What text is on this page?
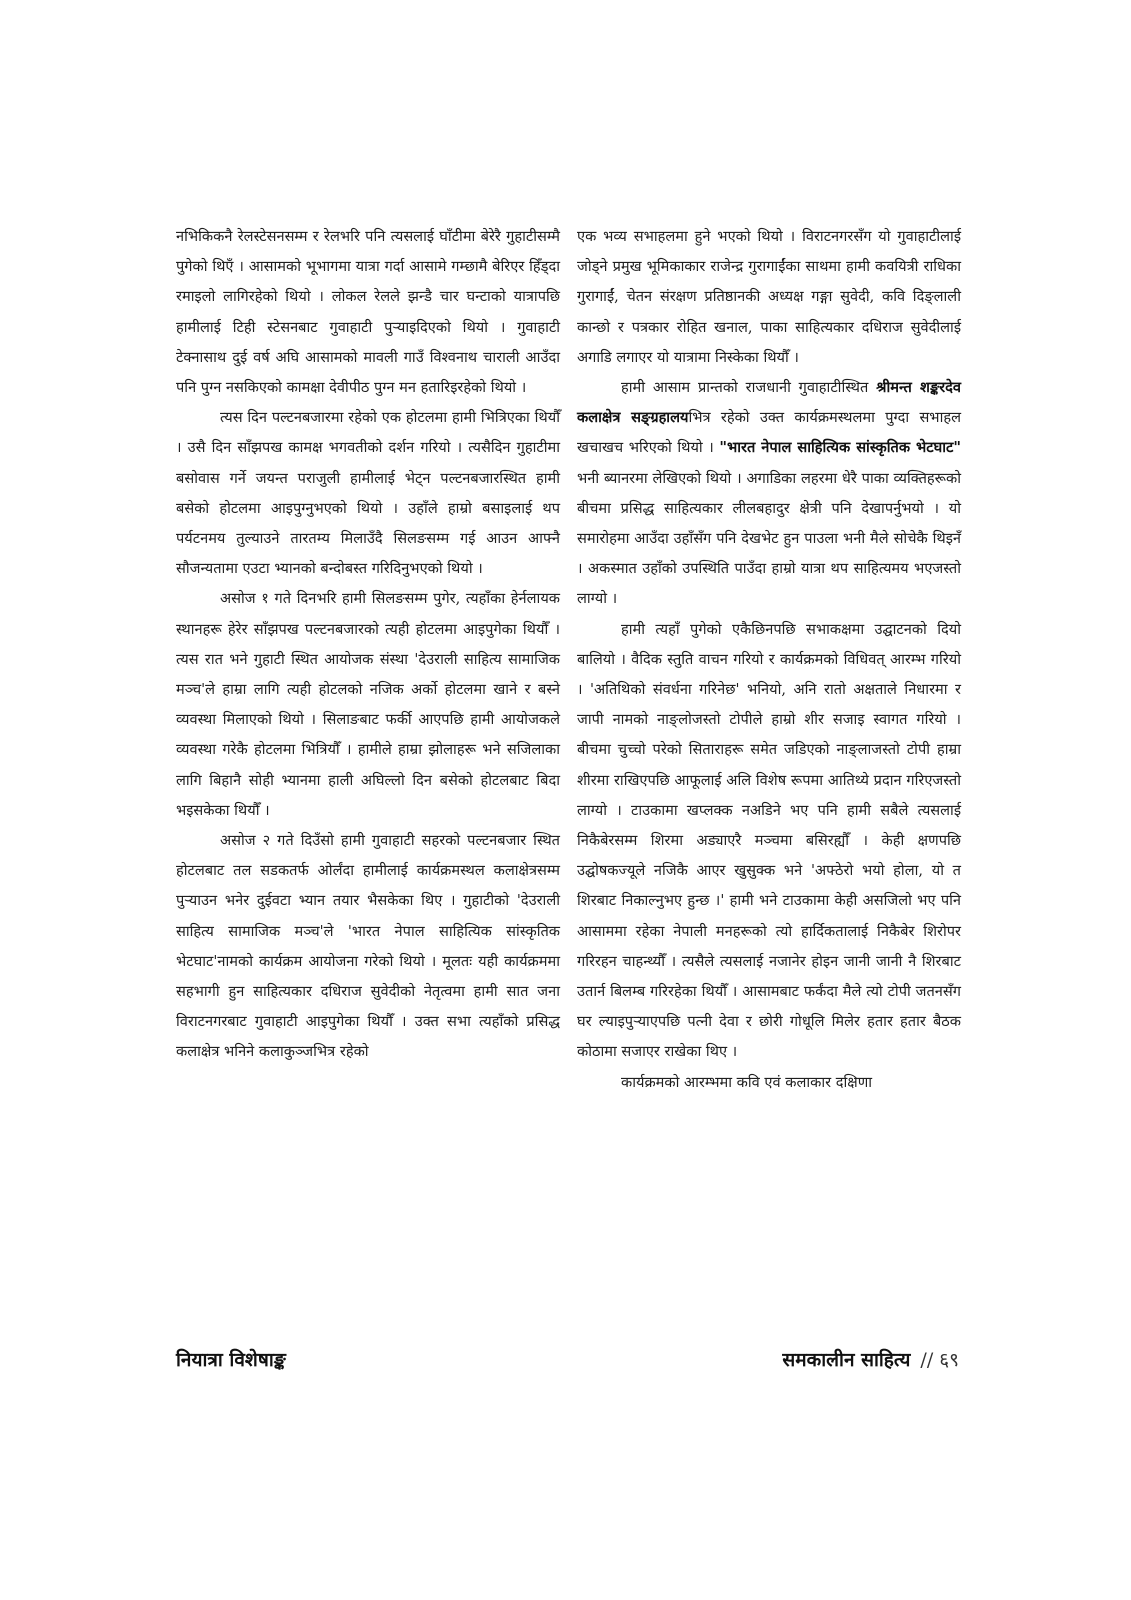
नभिकिकनै रेलस्टेसनसम्म र रेलभरि पनि त्यसलाई घाँटीमा बेरेरै गुहाटीसम्मै पुगेको थिएँ । आसामको भूभागमा यात्रा गर्दा आसामे गम्छामै बेरिएर हिँड्दा रमाइलो लागिरहेको थियो । लोकल रेलले झन्डै चार घन्टाको यात्रापछि हामीलाई टिही स्टेसनबाट गुवाहाटी पुऱ्याइदिएको थियो । गुवाहाटी टेक्नासाथ दुई वर्ष अघि आसामको मावली गाउँ विश्वनाथ चाराली आउँदा पनि पुग्न नसकिएको कामक्षा देवीपीठ पुग्न मन हतारिइरहेको थियो ।

त्यस दिन पल्टनबजारमा रहेको एक होटलमा हामी भित्रिएका थियौँ । उसै दिन साँझपख कामक्ष भगवतीको दर्शन गरियो । त्यसैदिन गुहाटीमा बसोवास गर्ने जयन्त पराजुली हामीलाई भेट्न पल्टनबजारस्थित हामी बसेको होटलमा आइपुग्नुभएको थियो । उहाँले हाम्रो बसाइलाई थप पर्यटनमय तुल्याउने तारतम्य मिलाउँदै सिलङसम्म गई आउन आफ्नै सौजन्यतामा एउटा भ्यानको बन्दोबस्त गरिदिनुभएको थियो ।

असोज १ गते दिनभरि हामी सिलङसम्म पुगेर, त्यहाँका हेर्नलायक स्थानहरू हेरेर साँझपख पल्टनबजारको त्यही होटलमा आइपुगेका थियौँ । त्यस रात भने गुहाटी स्थित आयोजक संस्था 'देउराली साहित्य सामाजिक मञ्च'ले हाम्रा लागि त्यही होटलको नजिक अर्को होटलमा खाने र बस्ने व्यवस्था मिलाएको थियो । सिलाङबाट फर्की आएपछि हामी आयोजकले व्यवस्था गरेकै होटलमा भित्रियौँ । हामीले हाम्रा झोलाहरू भने सजिलाका लागि बिहानै सोही भ्यानमा हाली अघिल्लो दिन बसेको होटलबाट बिदा भइसकेका थियौँ ।

असोज २ गते दिउँसो हामी गुवाहाटी सहरको पल्टनबजार स्थित होटलबाट तल सडकतर्फ ओर्लंदा हामीलाई कार्यक्रमस्थल कलाक्षेत्रसम्म पुऱ्याउन भनेर दुईवटा भ्यान तयार भैसकेका थिए । गुहाटीको 'देउराली साहित्य सामाजिक मञ्च'ले 'भारत नेपाल साहित्यिक सांस्कृतिक भेटघाट'नामको कार्यक्रम आयोजना गरेको थियो । मूलतः यही कार्यक्रममा सहभागी हुन साहित्यकार दधिराज सुवेदीको नेतृत्वमा हामी सात जना विराटनगरबाट गुवाहाटी आइपुगेका थियौँ । उक्त सभा त्यहाँको प्रसिद्ध कलाक्षेत्र भनिने कलाकुञ्जभित्र रहेको

एक भव्य सभाहलमा हुने भएको थियो । विराटनगरसँग यो गुवाहाटीलाई जोड्ने प्रमुख भूमिकाकार राजेन्द्र गुरागाईंका साथमा हामी कवयित्री राधिका गुरागाईं, चेतन संरक्षण प्रतिष्ठानकी अध्यक्ष गङ्गा सुवेदी, कवि दिङ्लाली कान्छो र पत्रकार रोहित खनाल, पाका साहित्यकार दधिराज सुवेदीलाई अगाडि लगाएर यो यात्रामा निस्केका थियौँ ।

हामी आसाम प्रान्तको राजधानी गुवाहाटीस्थित श्रीमन्त शङ्करदेव कलाक्षेत्र सङ्ग्रहालयभित्र रहेको उक्त कार्यक्रमस्थलमा पुग्दा सभाहल खचाखच भरिएको थियो । "भारत नेपाल साहित्यिक सांस्कृतिक भेटघाट" भनी ब्यानरमा लेखिएको थियो । अगाडिका लहरमा धेरै पाका व्यक्तिहरूको बीचमा प्रसिद्ध साहित्यकार लीलबहादुर क्षेत्री पनि देखापर्नुभयो । यो समारोहमा आउँदा उहाँसँग पनि देखभेट हुन पाउला भनी मैले सोचेकै थिइनँ । अकस्मात उहाँको उपस्थिति पाउँदा हाम्रो यात्रा थप साहित्यमय भएजस्तो लाग्यो ।

हामी त्यहाँ पुगेको एकैछिनपछि सभाकक्षमा उद्घाटनको दियो बालियो । वैदिक स्तुति वाचन गरियो र कार्यक्रमको विधिवत् आरम्भ गरियो । 'अतिथिको संवर्धना गरिनेछ' भनियो, अनि रातो अक्षताले निधारमा र जापी नामको नाङ्लोजस्तो टोपीले हाम्रो शीर सजाइ स्वागत गरियो । बीचमा चुच्चो परेको सिताराहरू समेत जडिएको नाङ्लाजस्तो टोपी हाम्रा शीरमा राखिएपछि आफूलाई अलि विशेष रूपमा आतिथ्ये प्रदान गरिएजस्तो लाग्यो । टाउकामा खप्लक्क नअडिने भए पनि हामी सबैले त्यसलाई निकैबेरसम्म शिरमा अड्याएरै मञ्चमा बसिरह्यौँ । केही क्षणपछि उद्घोषकज्यूले नजिकै आएर खुसुक्क भने 'अफ्ठेरो भयो होला, यो त शिरबाट निकाल्नुभए हुन्छ ।' हामी भने टाउकामा केही असजिलो भए पनि आसाममा रहेका नेपाली मनहरूको त्यो हार्दिकतालाई निकैबेर शिरोपर गरिरहन चाहन्थ्यौँ । त्यसैले त्यसलाई नजानेर होइन जानी जानी नै शिरबाट उतार्न बिलम्ब गरिरहेका थियौँ । आसामबाट फर्कंदा मैले त्यो टोपी जतनसँग घर ल्याइपुऱ्याएपछि पत्नी देवा र छोरी गोधूलि मिलेर हतार हतार बैठक कोठामा सजाएर राखेका थिए ।

कार्यक्रमको आरम्भमा कवि एवं कलाकार दक्षिणा

नियात्रा विशेषाङ्क	समकालीन साहित्य // ६९
